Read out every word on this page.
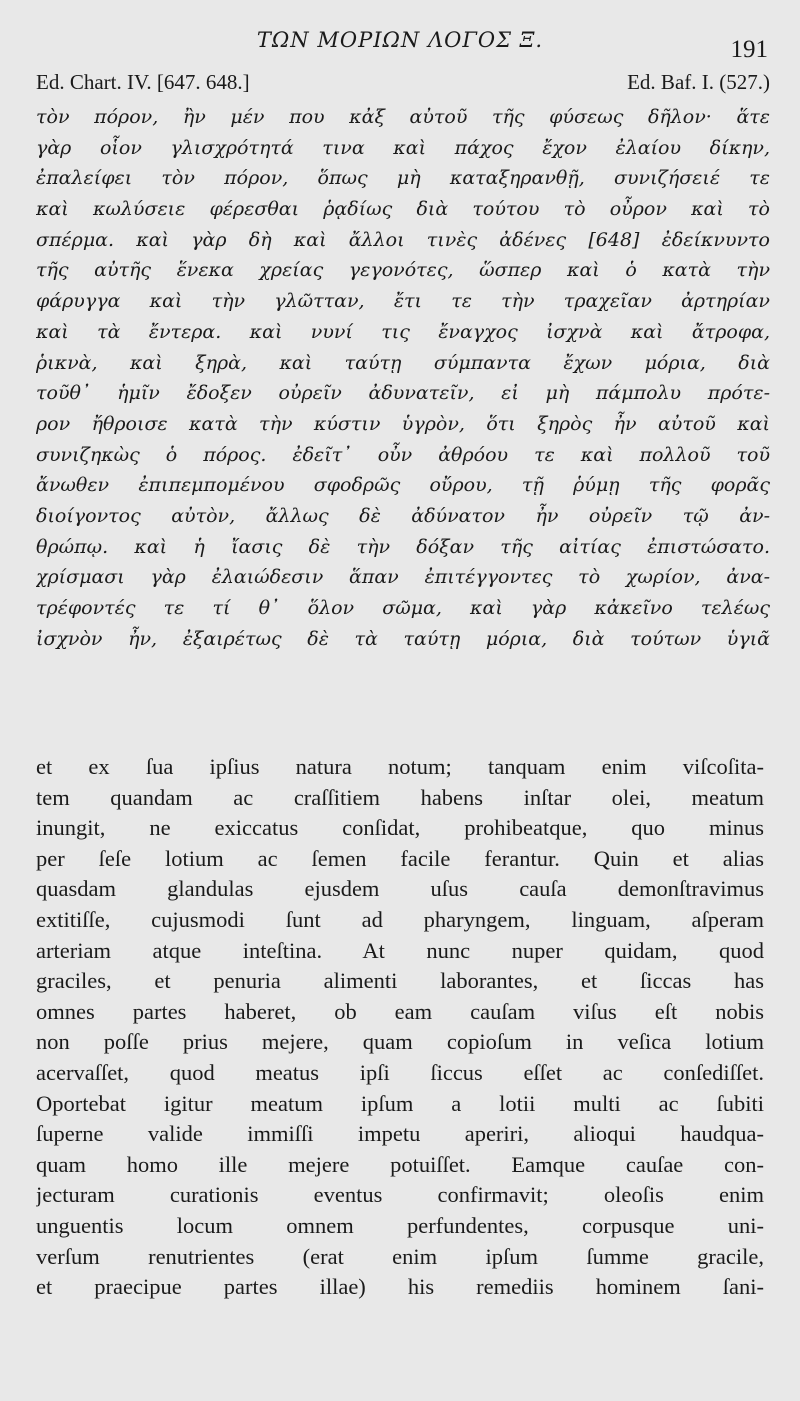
ΤΩΝ ΜΟΡΙΩΝ ΛΟΓΟΣ Ξ.	191
Ed. Chart. IV. [647. 648.]	Ed. Baf. I. (527.)
τὸν πόρον, ἢν μέν που κἀξ αὐτοῦ τῆς φύσεως δῆλον· ἅτε
γὰρ οἷον γλισχρότητά τινα καὶ πάχος ἔχον ἐλαίου δίκην,
ἐπαλείφει τὸν πόρον, ὅπως μὴ καταξηρανθῇ, συνιζήσειέ τε
καὶ κωλύσειε φέρεσθαι ῥᾳδίως διὰ τούτου τὸ οὖρον καὶ τὸ
σπέρμα. καὶ γὰρ δὴ καὶ ἄλλοι τινὲς ἀδένες [648] ἐδείκνυντο
τῆς αὐτῆς ἕνεκα χρείας γεγονότες, ὥσπερ καὶ ὁ κατὰ τὴν
φάρυγγα καὶ τὴν γλῶτταν, ἔτι τε τὴν τραχεῖαν ἀρτηρίαν
καὶ τὰ ἔντερα. καὶ νυνί τις ἔναγχος ἰσχνὰ καὶ ἄτροφα,
ῥικνὰ, καὶ ξηρὰ, καὶ ταύτῃ σύμπαντα ἔχων μόρια, διὰ
τοῦθ᾽ ἡμῖν ἔδοξεν οὐρεῖν ἀδυνατεῖν, εἰ μὴ πάμπολυ πρότε-
ρον ἤθροισε κατὰ τὴν κύστιν ὑγρὸν, ὅτι ξηρὸς ἦν αὐτοῦ καὶ
συνιζηκὼς ὁ πόρος. ἐδεῖτ᾽ οὖν ἀθρόου τε καὶ πολλοῦ τοῦ
ἄνωθεν ἐπιπεμπομένου σφοδρῶς οὔρου, τῇ ῥύμῃ τῆς φορᾶς
διοίγοντος αὐτὸν, ἄλλως δὲ ἀδύνατον ἦν οὐρεῖν τῷ ἀν-
θρώπῳ. καὶ ἡ ἴασις δὲ τὴν δόξαν τῆς αἰτίας ἐπιστώσατο.
χρίσμασι γὰρ ἐλαιώδεσιν ἅπαν ἐπιτέγγοντες τὸ χωρίον, ἀνα-
τρέφοντές τε τί θ᾽ ὅλον σῶμα, καὶ γὰρ κἀκεῖνο τελέως
ἰσχνὸν ἦν, ἐξαιρέτως δὲ τὰ ταύτῃ μόρια, διὰ τούτων ὑγιᾶ
et ex ſua ipſius natura notum; tanquam enim viſcoſita-
tem quandam ac craſſitiem habens inſtar olei, meatum
inungit, ne exiccatus conſidat, prohibeatque, quo minus
per ſeſe lotium ac ſemen facile ferantur. Quin et alias
quasdam glandulas ejusdem uſus cauſa demonſtravimus
extitiſſe, cujusmodi ſunt ad pharyngem, linguam, aſperam
arteriam atque inteſtina. At nunc nuper quidam, quod
graciles, et penuria alimenti laborantes, et ſiccas has
omnes partes haberet, ob eam cauſam viſus eſt nobis
non poſſe prius mejere, quam copioſum in veſica lotium
acervaſſet, quod meatus ipſi ſiccus eſſet ac conſediſſet.
Oportebat igitur meatum ipſum a lotii multi ac ſubiti
ſuperne valide immiſſi impetu aperiri, alioqui haudqua-
quam homo ille mejere potuiſſet. Eamque cauſae con-
jecturam curationis eventus confirmavit; oleoſis enim
unguentis locum omnem perfundentes, corpusque uni-
verſum renutrientes (erat enim ipſum ſumme gracile,
et praecipue partes illae) his remediis hominem ſani-
